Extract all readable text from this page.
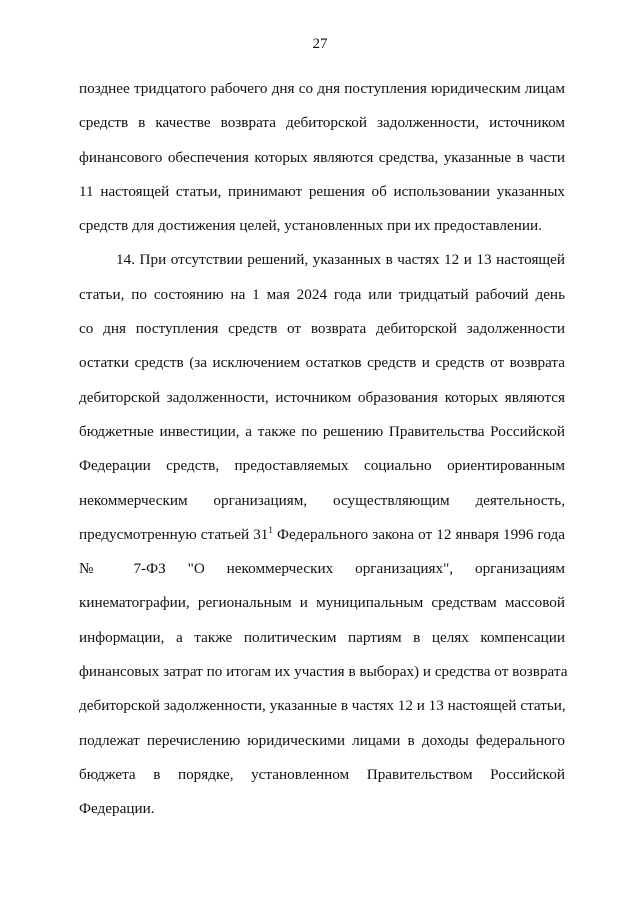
27
позднее тридцатого рабочего дня со дня поступления юридическим лицам
средств в качестве возврата дебиторской задолженности, источником
финансового обеспечения которых являются средства, указанные в части
11 настоящей статьи, принимают решения об использовании указанных
средств для достижения целей, установленных при их предоставлении.
14. При отсутствии решений, указанных в частях 12 и 13 настоящей
статьи, по состоянию на 1 мая 2024 года или тридцатый рабочий день
со дня поступления средств от возврата дебиторской задолженности
остатки средств (за исключением остатков средств и средств от возврата
дебиторской задолженности, источником образования которых являются
бюджетные инвестиции, а также по решению Правительства Российской
Федерации средств, предоставляемых социально ориентированным
некоммерческим организациям, осуществляющим деятельность,
предусмотренную статьей $31^1$ Федерального закона от 12 января 1996 года
№ 7-ФЗ "О некоммерческих организациях", организациям
кинематографии, региональным и муниципальным средствам массовой
информации, а также политическим партиям в целях компенсации
финансовых затрат по итогам их участия в выборах) и средства от возврата
дебиторской задолженности, указанные в частях 12 и 13 настоящей статьи,
подлежат перечислению юридическими лицами в доходы федерального
бюджета в порядке, установленном Правительством Российской
Федерации.
